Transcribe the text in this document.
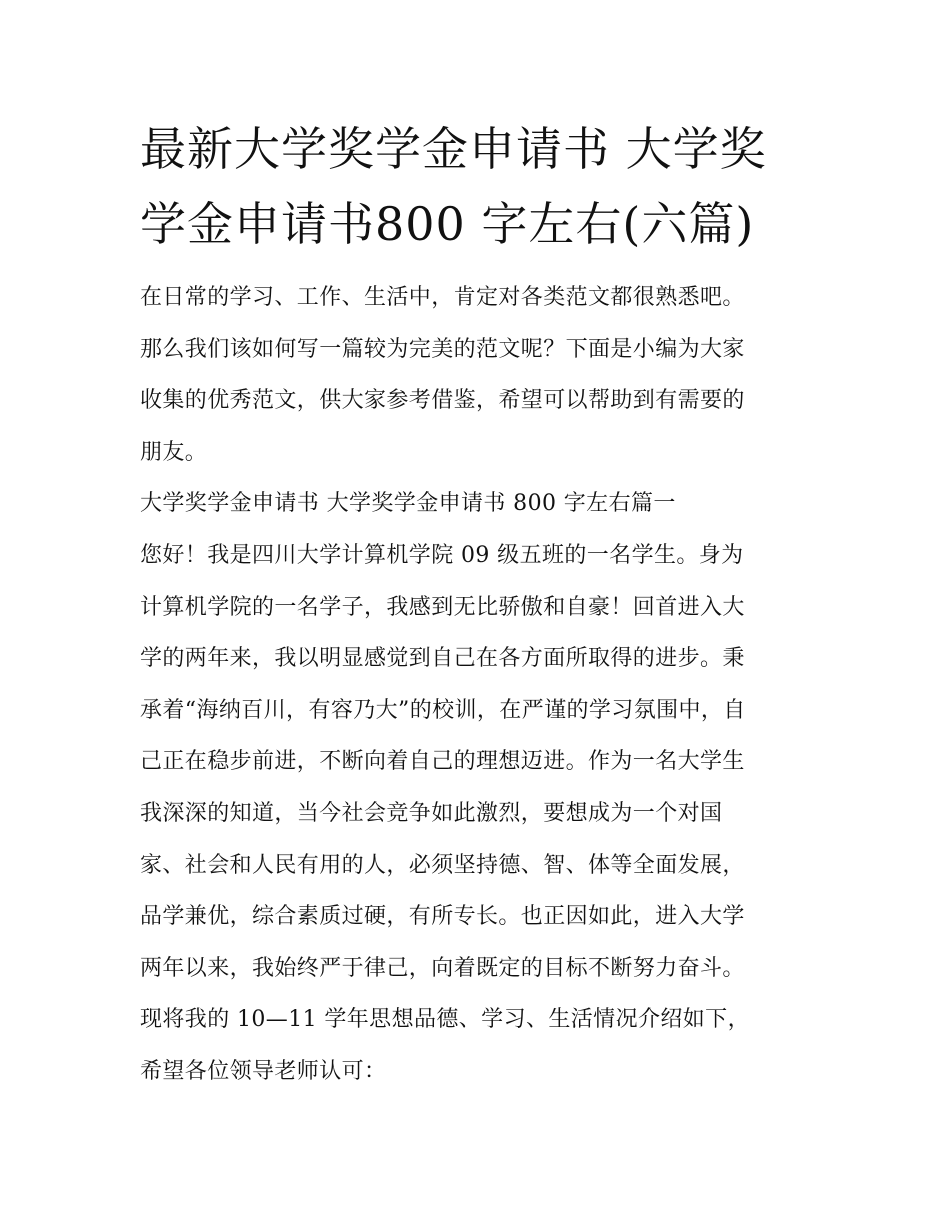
最新大学奖学金申请书 大学奖
学金申请书800 字左右(六篇)

在日常的学习、工作、生活中，肯定对各类范文都很熟悉吧。
那么我们该如何写一篇较为完美的范文呢？下面是小编为大家
收集的优秀范文，供大家参考借鉴，希望可以帮助到有需要的
朋友。

大学奖学金申请书 大学奖学金申请书 800 字左右篇一

您好！我是四川大学计算机学院 09 级五班的一名学生。身为
计算机学院的一名学子，我感到无比骄傲和自豪！回首进入大
学的两年来，我以明显感觉到自己在各方面所取得的进步。秉
承着“海纳百川，有容乃大”的校训，在严谨的学习氛围中，自
己正在稳步前进，不断向着自己的理想迈进。作为一名大学生
我深深的知道，当今社会竞争如此激烈，要想成为一个对国
家、社会和人民有用的人，必须坚持德、智、体等全面发展，
品学兼优，综合素质过硬，有所专长。也正因如此，进入大学
两年以来，我始终严于律己，向着既定的目标不断努力奋斗。
现将我的 10—11 学年思想品德、学习、生活情况介绍如下，
希望各位领导老师认可：
